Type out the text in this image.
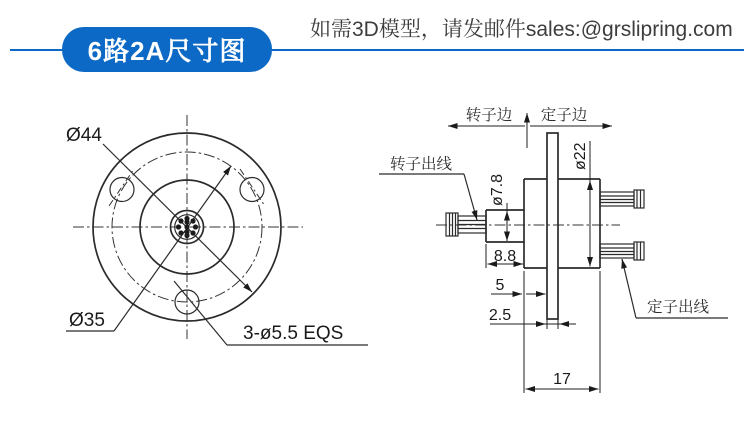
6路2A尺寸图
如需3D模型，请发邮件sales:@grslipring.com
Ø44
Ø35
3-ø5.5 EQS
转子边 定子边
转子出线
定子出线
ø7.8
ø22
8.8
5
2.5
17
